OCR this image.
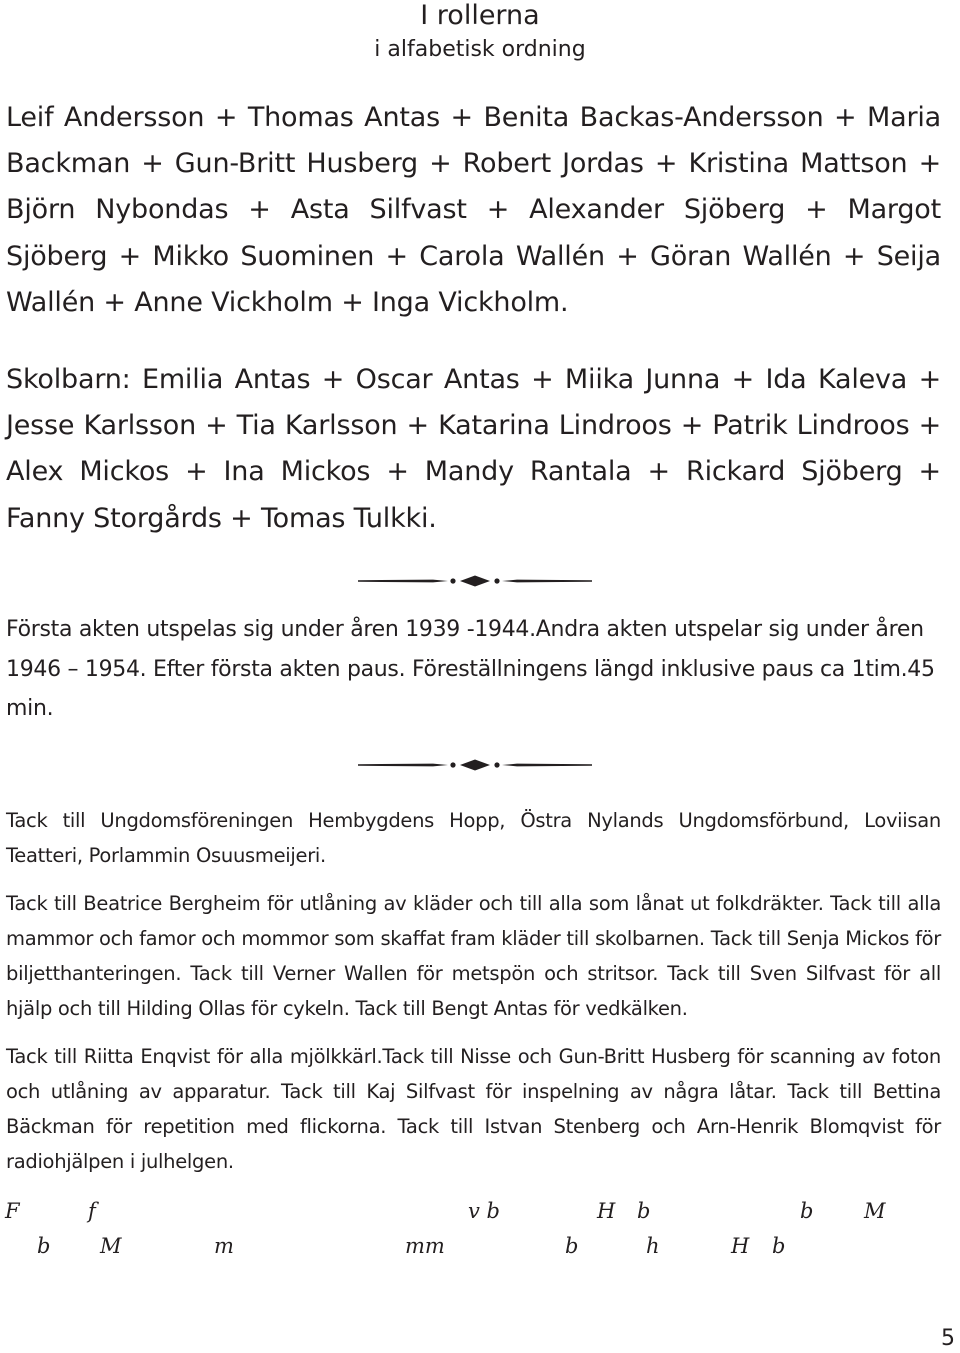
I rollerna
i alfabetisk ordning

Leif Andersson + Thomas Antas + Benita Backas-Andersson + Maria Backman + Gun-Britt Husberg + Robert Jordas + Kristina Mattson + Björn Nybondas + Asta Silfvast + Alexander Sjöberg + Margot Sjöberg + Mikko Suominen + Carola Wallén + Göran Wallén + Seija Wallén + Anne Vickholm + Inga Vickholm.

Skolbarn: Emilia Antas + Oscar Antas + Miika Junna + Ida Kaleva + Jesse Karlsson + Tia Karlsson + Katarina Lindroos + Patrik Lindroos + Alex Mickos + Ina Mickos + Mandy Rantala + Rickard Sjöberg + Fanny Storgårds + Tomas Tulkki.

Första akten utspelas sig under åren 1939 -1944.Andra akten utspelar sig under åren 1946 – 1954. Efter första akten paus. Föreställningens längd inklusive paus ca 1tim.45 min.

Tack till Ungdomsföreningen Hembygdens Hopp, Östra Nylands Ungdomsförbund, Loviisan Teatteri, Porlammin Osuusmeijeri.

Tack till Beatrice Bergheim för utlåning av kläder och till alla som lånat ut folkdräkter. Tack till alla mammor och famor och mommor som skaffat fram kläder till skolbarnen. Tack till Senja Mickos för biljetthanteringen. Tack till Verner Wallen för metspön och stritsor. Tack till Sven Silfvast för all hjälp och till Hilding Ollas för cykeln. Tack till Bengt Antas för vedkälken.

Tack till Riitta Enqvist för alla mjölkkärl.Tack till Nisse och Gun-Britt Husberg för scanning av foton och utlåning av apparatur. Tack till Kaj Silfvast för inspelning av några låtar. Tack till Bettina Bäckman för repetition med flickorna. Tack till Istvan Stenberg och Arn-Henrik Blomqvist för radiohjälpen i julhelgen.

F	f	v b	H b	b M
b M	m	mm	b	h	H b
5
